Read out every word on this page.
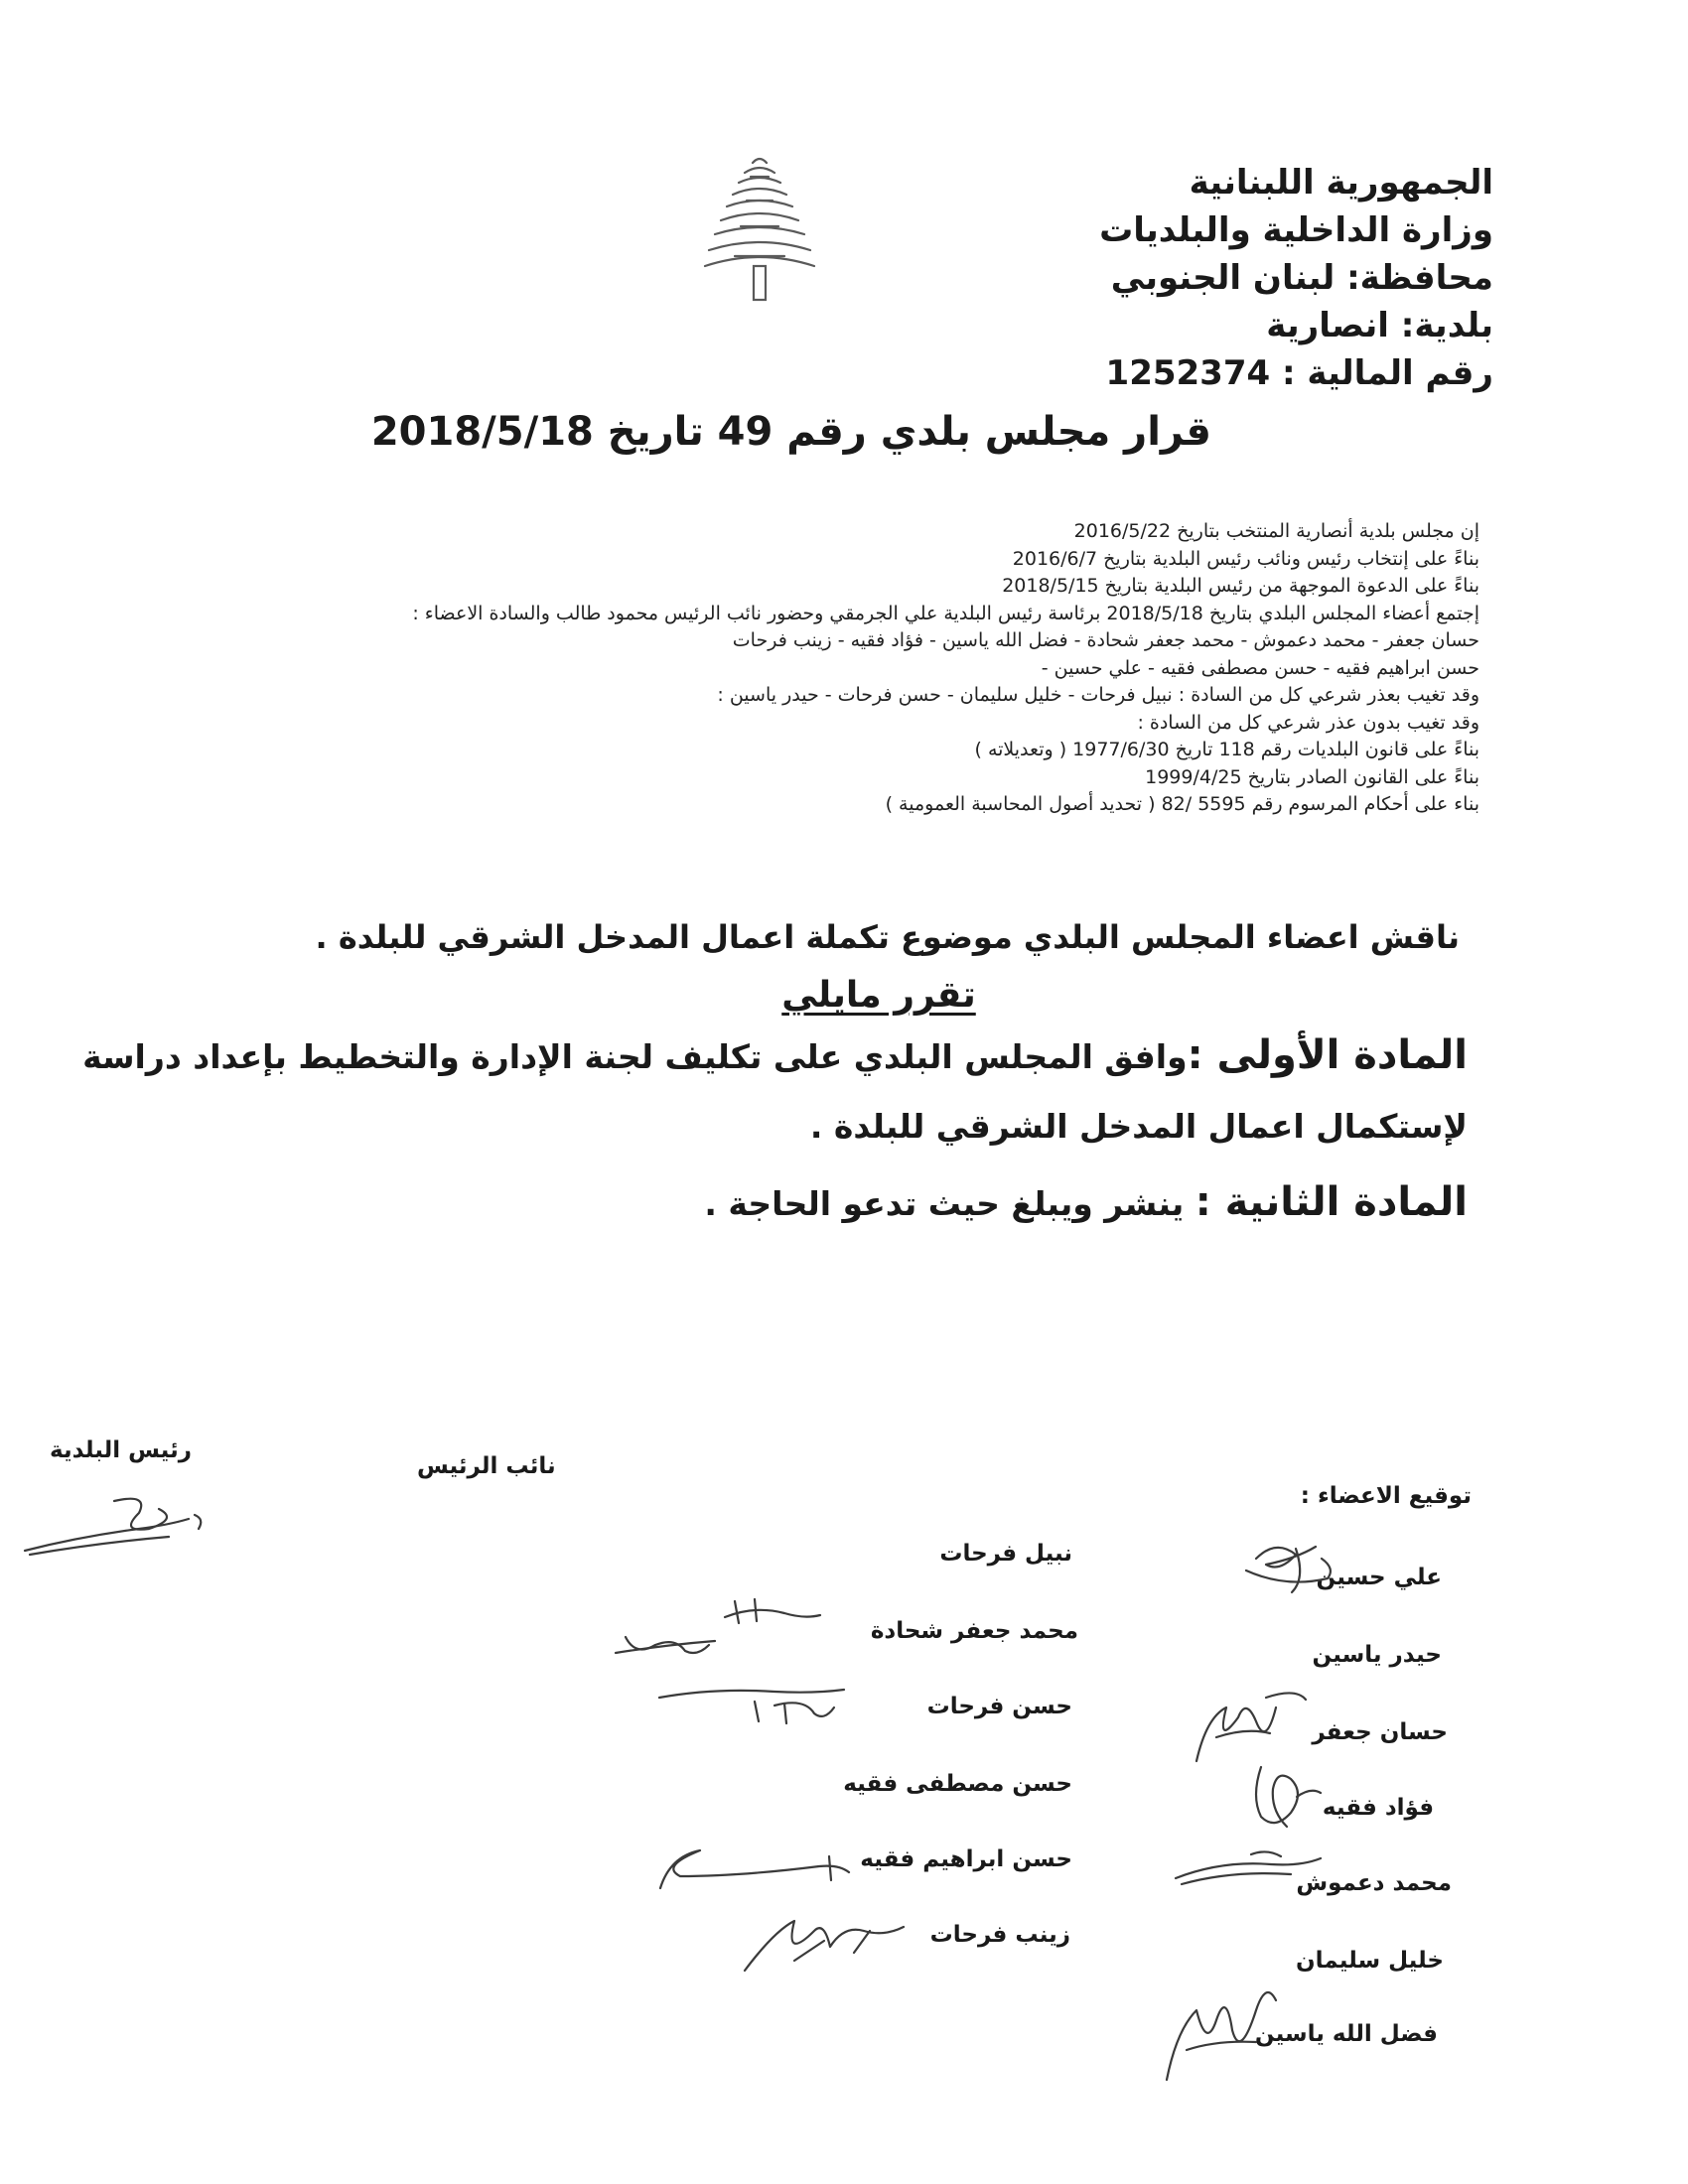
الجمهورية اللبنانية
وزارة الداخلية والبلديات
محافظة: لبنان الجنوبي
بلدية: انصارية
رقم المالية : 1252374
قرار مجلس بلدي رقم 49 تاريخ 2018/5/18
إن مجلس بلدية أنصارية المنتخب بتاريخ 2016/5/22
بناءً على إنتخاب رئيس ونائب رئيس البلدية بتاريخ 2016/6/7
بناءً على الدعوة الموجهة من رئيس البلدية بتاريخ 2018/5/15
إجتمع أعضاء المجلس البلدي بتاريخ 2018/5/18 برئاسة رئيس البلدية علي الجرمقي وحضور نائب الرئيس محمود طالب والسادة الاعضاء :
حسان جعفر - محمد دعموش - محمد جعفر شحادة - فضل الله ياسين - فؤاد فقيه - زينب فرحات
حسن ابراهيم فقيه - حسن مصطفى فقيه - علي حسين -
وقد تغيب بعذر شرعي كل من السادة : نبيل فرحات - خليل سليمان - حسن فرحات - حيدر ياسين :
وقد تغيب بدون عذر شرعي كل من السادة :
بناءً على قانون البلديات رقم 118 تاريخ 1977/6/30 ( وتعديلاته )
بناءً على القانون الصادر بتاريخ 1999/4/25
بناء على أحكام المرسوم رقم 5595 /82 ( تحديد أصول المحاسبة العمومية )
ناقش اعضاء المجلس البلدي موضوع تكملة اعمال المدخل الشرقي للبلدة .
تقرر مايلي
المادة الأولى :وافق المجلس البلدي على تكليف لجنة الإدارة والتخطيط بإعداد دراسة لإستكمال اعمال المدخل الشرقي للبلدة .
المادة الثانية : ينشر ويبلغ حيث تدعو الحاجة .
رئيس البلدية
نائب الرئيس
توقيع الاعضاء :
علي حسين
حيدر ياسين
حسان جعفر
فؤاد فقيه
محمد دعموش
خليل سليمان
فضل الله ياسين
نبيل فرحات
محمد جعفر شحادة
حسن فرحات
حسن مصطفى فقيه
حسن ابراهيم فقيه
زينب فرحات
